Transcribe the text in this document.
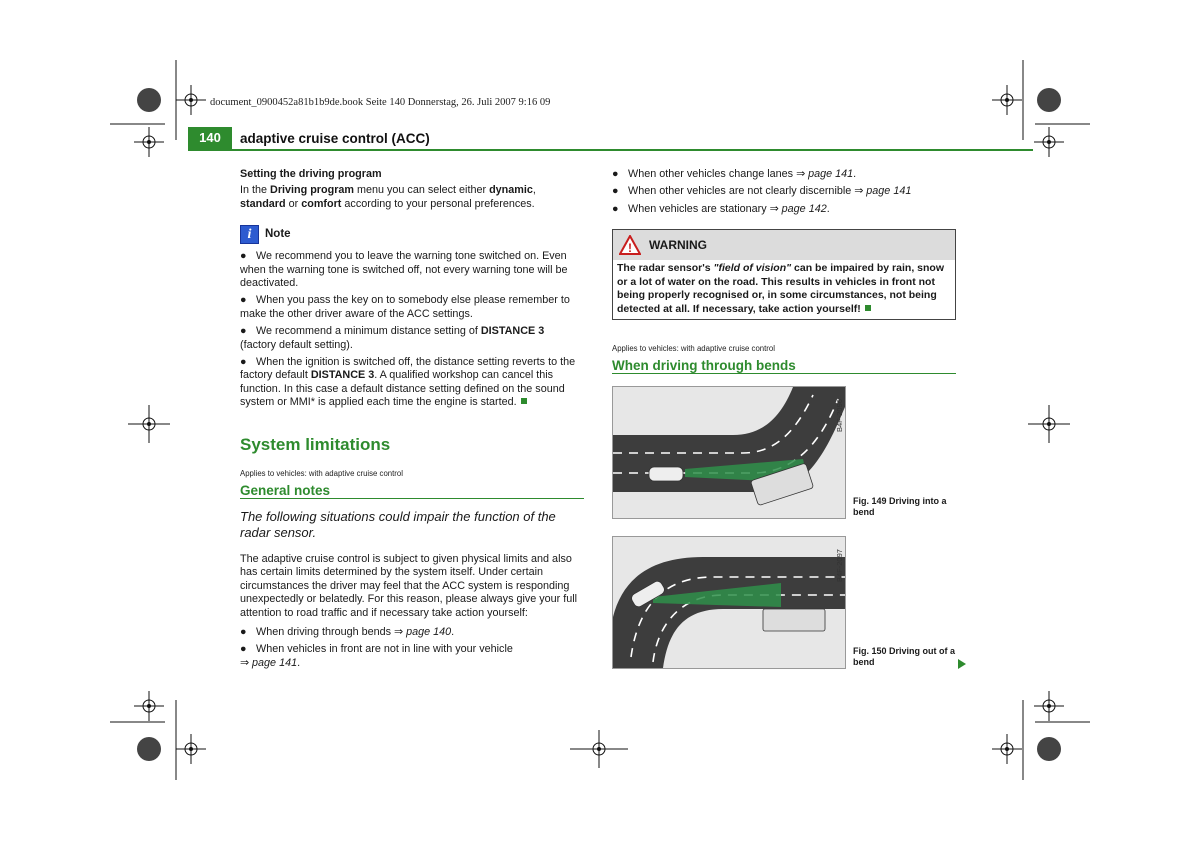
document_0900452a81b1b9de.book Seite 140 Donnerstag, 26. Juli 2007 9:16 09
140	adaptive cruise control (ACC)

Setting the driving program

In the Driving program menu you can select either dynamic,
standard or comfort according to your personal preferences.

i	Note
● We recommend you to leave the warning tone switched on. Even when the warning tone is switched off, not every warning tone will be deactivated.
● When you pass the key on to somebody else please remember to make the other driver aware of the ACC settings.
● We recommend a minimum distance setting of DISTANCE 3
(factory default setting).
● When the ignition is switched off, the distance setting reverts to the factory default DISTANCE 3. A qualified workshop can cancel this function. In this case a default distance setting defined on the sound system or MMI* is applied each time the engine is started.
System limitations

Applies to vehicles: with adaptive cruise control

General notes

The following situations could impair the function of the radar sensor.

The adaptive cruise control is subject to given physical limits and also has certain limits determined by the system itself. Under certain circumstances the driver may feel that the ACC system is responding unexpectedly or belatedly. For this reason, please always give your full attention to road traffic and if necessary take action yourself:

● When driving through bends ⇒ page 140.
● When vehicles in front are not in line with your vehicle
⇒ page 141.
● When other vehicles change lanes ⇒ page 141.
● When other vehicles are not clearly discernible ⇒ page 141
● When vehicles are stationary ⇒ page 142.
! WARNING
The radar sensor's "field of vision" can be impaired by rain, snow or a lot of water on the road. This results in vehicles in front not being properly recognised or, in some circumstances, not being detected at all. If necessary, take action yourself!

Applies to vehicles: with adaptive cruise control

When driving through bends
B4F-2096
Fig. 149 Driving into a bend
B4F-2097
Fig. 150 Driving out of a bend
